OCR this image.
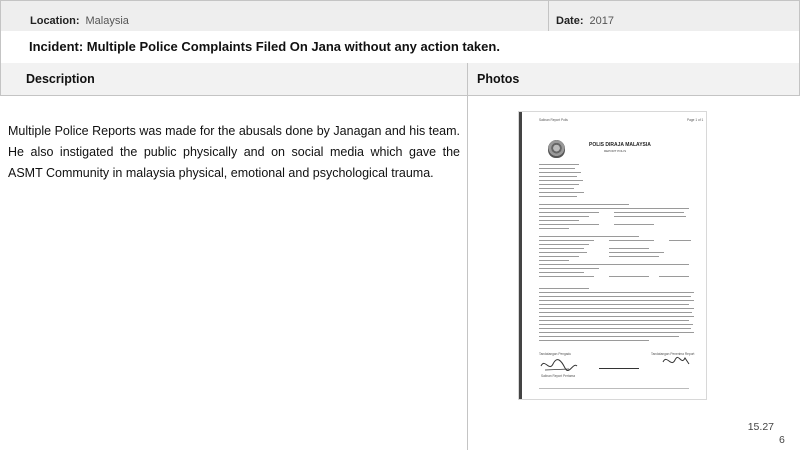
Location: Malaysia	Date: 2017
Incident: Multiple Police Complaints Filed On Jana without any action taken.
Description	Photos

Multiple Police Reports was made for the abusals done by Janagan and his team. He also instigated the public physically and on social media which gave the ASMT Community in malaysia physical, emotional and psychological trauma.

Salinan Report Polis	Page 1 of 1
POLIS DIRAJA MALAYSIA
REPORT POLIS
Tandatangan Pengadu	Tandatangan Penerima Report
Salinan Report Pertama
15.27
6
